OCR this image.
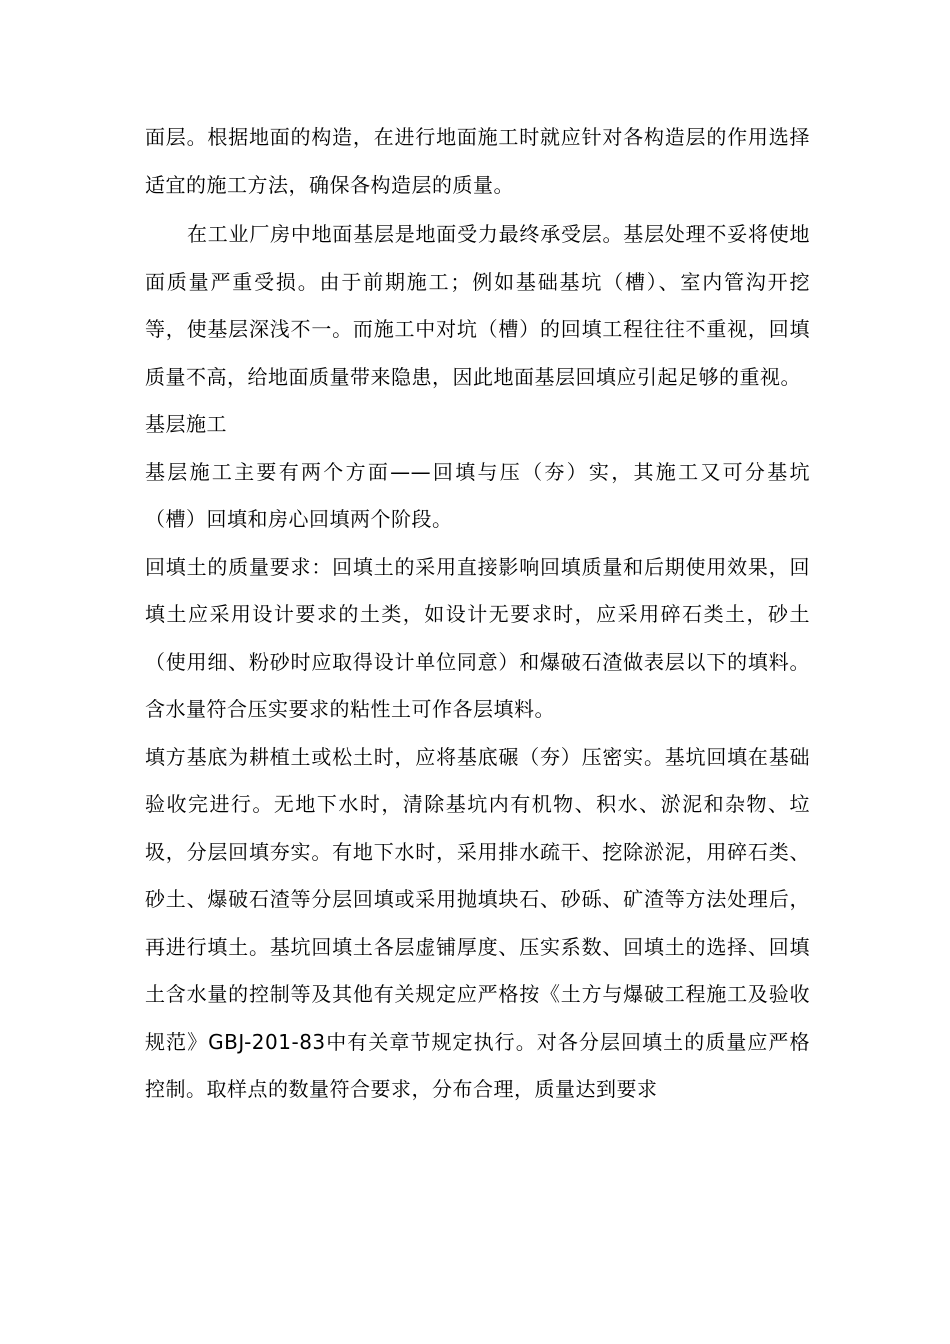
面层。根据地面的构造，在进行地面施工时就应针对各构造层的作用选择适宜的施工方法，确保各构造层的质量。

在工业厂房中地面基层是地面受力最终承受层。基层处理不妥将使地面质量严重受损。由于前期施工；例如基础基坑（槽）、室内管沟开挖等，使基层深浅不一。而施工中对坑（槽）的回填工程往往不重视，回填质量不高，给地面质量带来隐患，因此地面基层回填应引起足够的重视。

基层施工

基层施工主要有两个方面——回填与压（夯）实，其施工又可分基坑（槽）回填和房心回填两个阶段。

回填土的质量要求：回填土的采用直接影响回填质量和后期使用效果，回填土应采用设计要求的土类，如设计无要求时，应采用碎石类土，砂土（使用细、粉砂时应取得设计单位同意）和爆破石渣做表层以下的填料。含水量符合压实要求的粘性土可作各层填料。

填方基底为耕植土或松土时，应将基底碾（夯）压密实。基坑回填在基础验收完进行。无地下水时，清除基坑内有机物、积水、淤泥和杂物、垃圾，分层回填夯实。有地下水时，采用排水疏干、挖除淤泥，用碎石类、砂土、爆破石渣等分层回填或采用抛填块石、砂砾、矿渣等方法处理后，再进行填土。基坑回填土各层虚铺厚度、压实系数、回填土的选择、回填土含水量的控制等及其他有关规定应严格按《土方与爆破工程施工及验收规范》GBJ-201-83中有关章节规定执行。对各分层回填土的质量应严格控制。取样点的数量符合要求，分布合理，质量达到要求
